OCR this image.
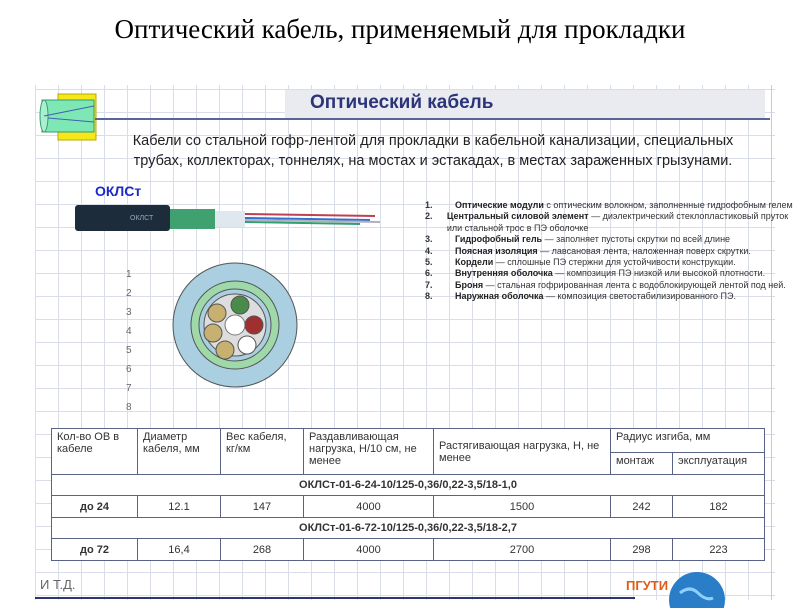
Оптический кабель, применяемый для прокладки
Оптический кабель
Кабели со стальной гофр-лентой для прокладки в кабельной канализации, специальных трубах, коллекторах, тоннелях, на мостах и эстакадах, в местах зараженных грызунами.
ОКЛСт
ОКЛСТ
1
2
3
4
5
6
7
8
1.	Оптические модули с оптическим волокном, заполненные гидрофобным гелем
2.	Центральный силовой элемент — диэлектрический стеклопластиковый пруток или стальной трос в ПЭ оболочке
3.	Гидрофобный гель — заполняет пустоты скрутки по всей длине
4.	Поясная изоляция — лавсановая лента, наложенная поверх скрутки.
5.	Кордели — сплошные ПЭ стержни для устойчивости конструкции.
6.	Внутренняя оболочка — композиция ПЭ низкой или высокой плотности.
7.	Броня — стальная гофрированная лента с водоблокирующей лентой под ней.
8.	Наружная оболочка — композиция светостабилизированного ПЭ.
Кол-во ОВ в кабеле	Диаметр кабеля, мм	Вес кабеля, кг/км	Раздавливающая нагрузка, Н/10 см, не менее	Растягивающая нагрузка, Н, не менее	Радиус изгиба, мм	
					монтаж	эксплуатация
ОКЛСт-01-6-24-10/125-0,36/0,22-3,5/18-1,0						
до 24	12.1	147	4000	1500	242	182
ОКЛСт-01-6-72-10/125-0,36/0,22-3,5/18-2,7						
до 72	16,4	268	4000	2700	298	223
И Т.Д.	ПГУТИ
